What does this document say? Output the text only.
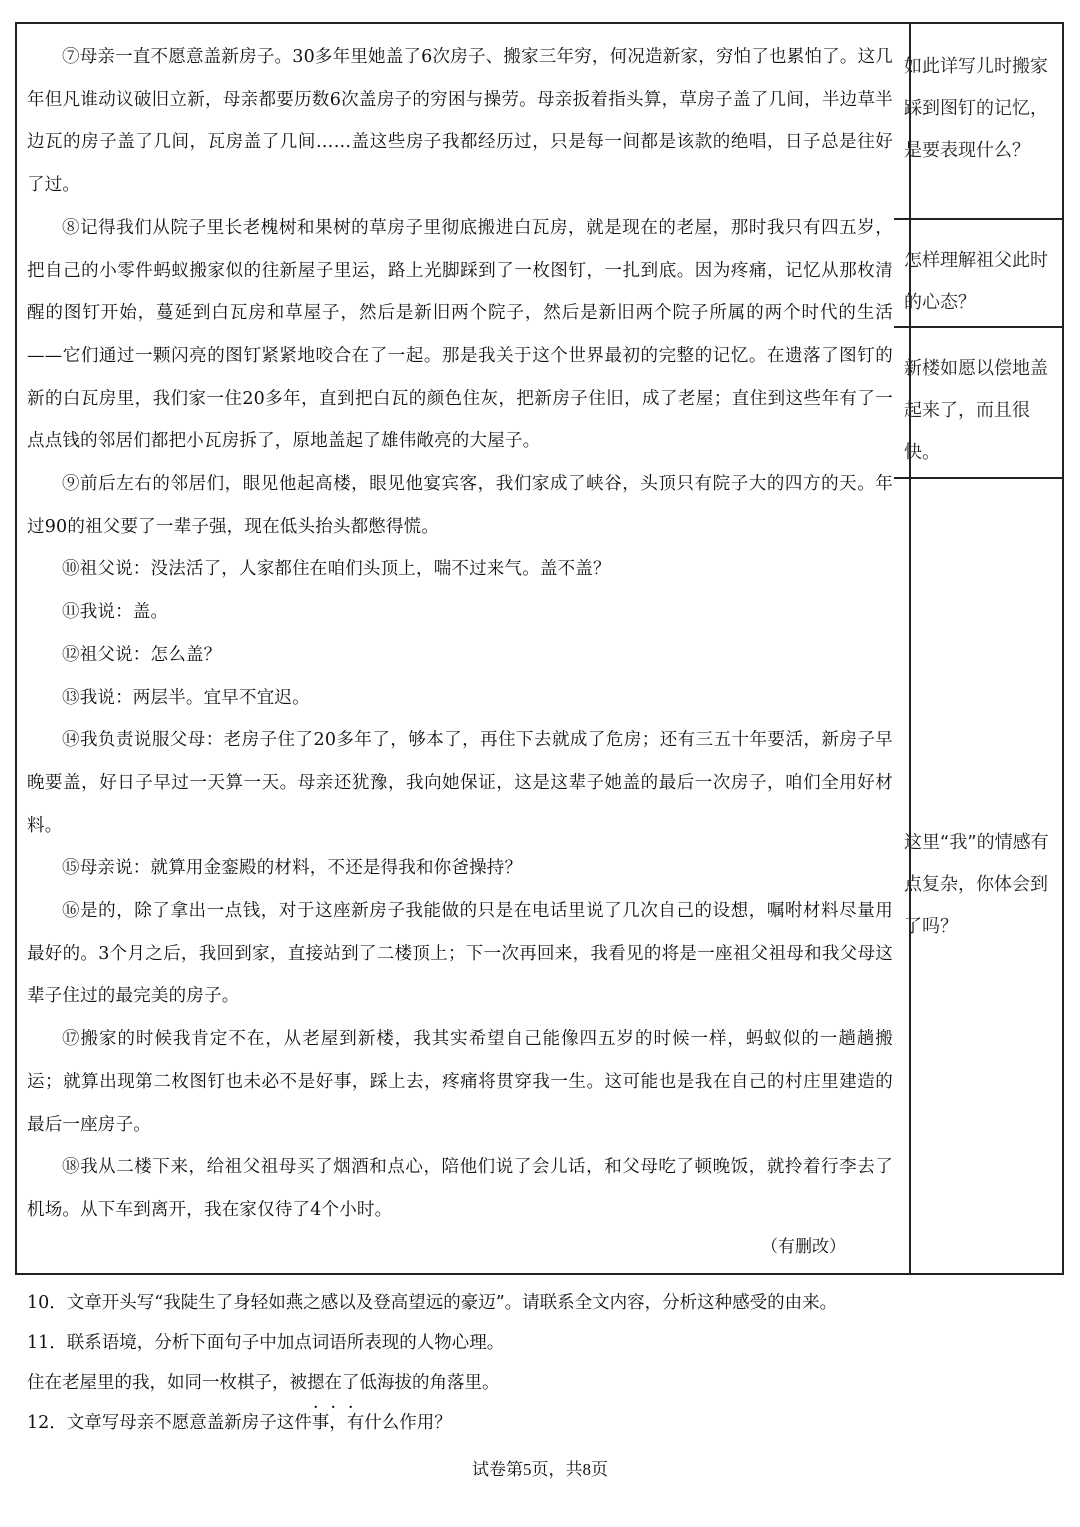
⑦母亲一直不愿意盖新房子。30多年里她盖了6次房子、搬家三年穷，何况造新家，穷怕了也累怕了。这几年但凡谁动议破旧立新，母亲都要历数6次盖房子的穷困与操劳。母亲扳着指头算，草房子盖了几间，半边草半边瓦的房子盖了几间，瓦房盖了几间……盖这些房子我都经历过，只是每一间都是该款的绝唱，日子总是往好了过。

⑧记得我们从院子里长老槐树和果树的草房子里彻底搬进白瓦房，就是现在的老屋，那时我只有四五岁，把自己的小零件蚂蚁搬家似的往新屋子里运，路上光脚踩到了一枚图钉，一扎到底。因为疼痛，记忆从那枚清醒的图钉开始，蔓延到白瓦房和草屋子，然后是新旧两个院子，然后是新旧两个院子所属的两个时代的生活——它们通过一颗闪亮的图钉紧紧地咬合在了一起。那是我关于这个世界最初的完整的记忆。在遗落了图钉的新的白瓦房里，我们家一住20多年，直到把白瓦的颜色住灰，把新房子住旧，成了老屋；直住到这些年有了一点点钱的邻居们都把小瓦房拆了，原地盖起了雄伟敞亮的大屋子。

⑨前后左右的邻居们，眼见他起高楼，眼见他宴宾客，我们家成了峡谷，头顶只有院子大的四方的天。年过90的祖父要了一辈子强，现在低头抬头都憋得慌。

⑩祖父说：没法活了，人家都住在咱们头顶上，喘不过来气。盖不盖？

⑪我说：盖。

⑫祖父说：怎么盖？

⑬我说：两层半。宜早不宜迟。

⑭我负责说服父母：老房子住了20多年了，够本了，再住下去就成了危房；还有三五十年要活，新房子早晚要盖，好日子早过一天算一天。母亲还犹豫，我向她保证，这是这辈子她盖的最后一次房子，咱们全用好材料。

⑮母亲说：就算用金銮殿的材料，不还是得我和你爸操持？

⑯是的，除了拿出一点钱，对于这座新房子我能做的只是在电话里说了几次自己的设想，嘱咐材料尽量用最好的。3个月之后，我回到家，直接站到了二楼顶上；下一次再回来，我看见的将是一座祖父祖母和我父母这辈子住过的最完美的房子。

⑰搬家的时候我肯定不在，从老屋到新楼，我其实希望自己能像四五岁的时候一样，蚂蚁似的一趟趟搬运；就算出现第二枚图钉也未必不是好事，踩上去，疼痛将贯穿我一生。这可能也是我在自己的村庄里建造的最后一座房子。

⑱我从二楼下来，给祖父祖母买了烟酒和点心，陪他们说了会儿话，和父母吃了顿晚饭，就拎着行李去了机场。从下车到离开，我在家仅待了4个小时。

（有删改）
如此详写儿时搬家踩到图钉的记忆，是要表现什么？
怎样理解祖父此时的心态？
新楼如愿以偿地盖起来了，而且很快。
这里“我”的情感有点复杂，你体会到了吗？

10．文章开头写“我陡生了身轻如燕之感以及登高望远的豪迈”。请联系全文内容，分析这种感受的由来。

11．联系语境，分析下面句子中加点词语所表现的人物心理。

住在老屋里的我，如同一枚棋子，被摁在了低海拔的角落里。

12．文章写母亲不愿意盖新房子这件事，有什么作用？

试卷第5页，共8页
